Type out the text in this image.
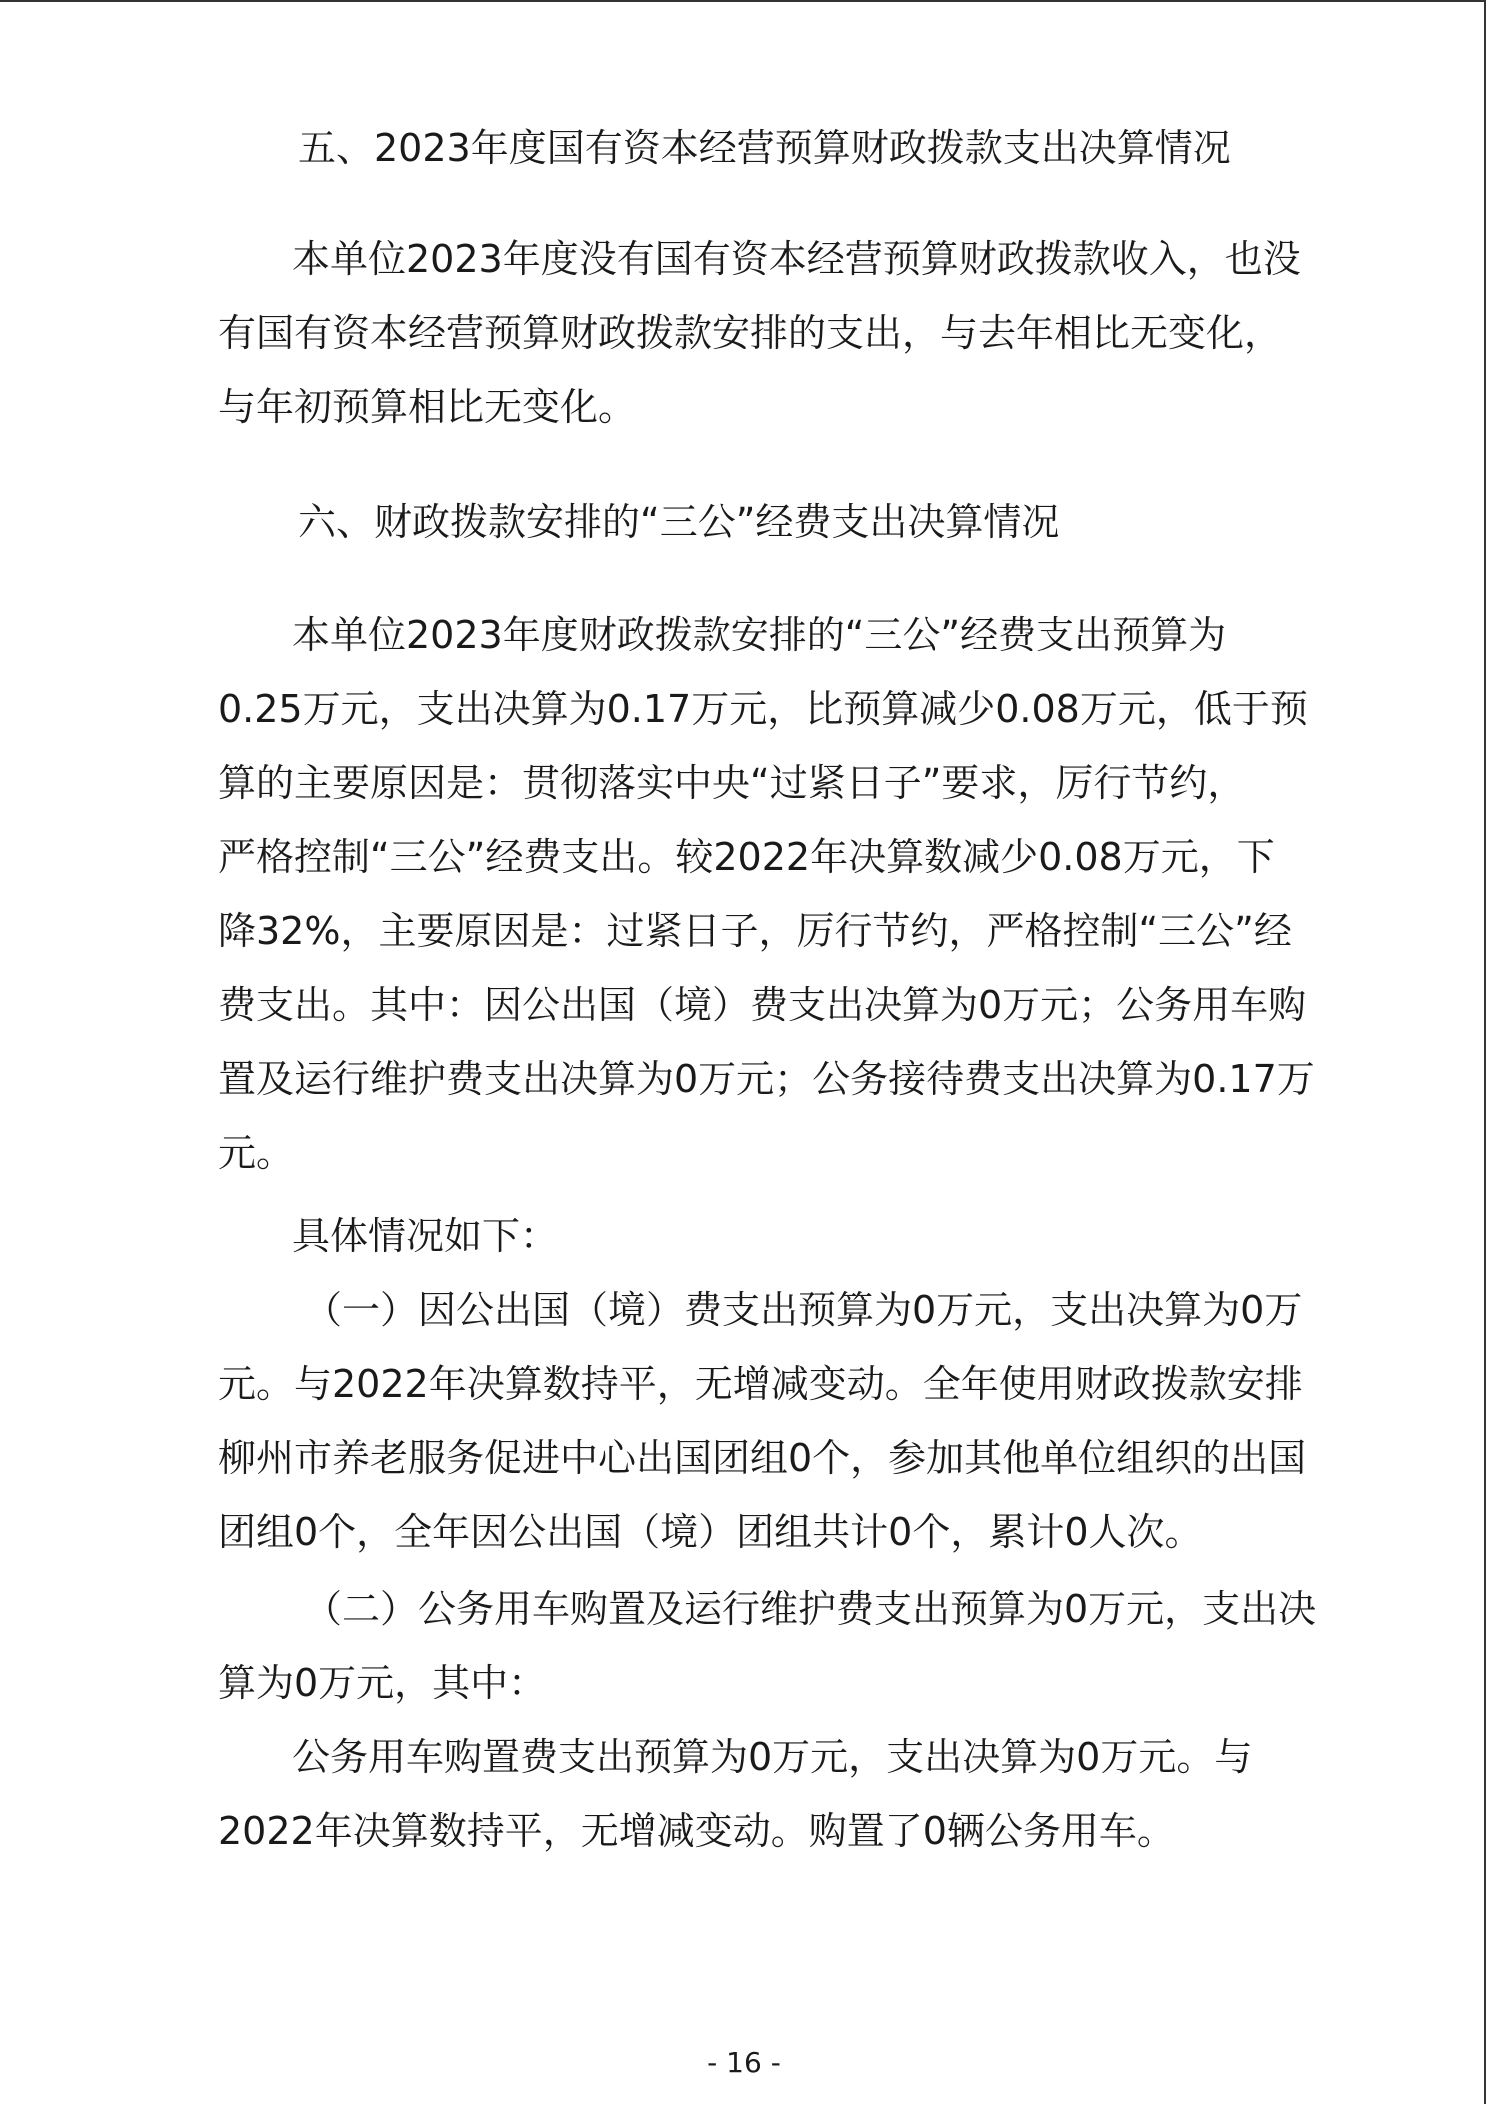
五、2023年度国有资本经营预算财政拨款支出决算情况
本单位2023年度没有国有资本经营预算财政拨款收入，也没
有国有资本经营预算财政拨款安排的支出，与去年相比无变化，
与年初预算相比无变化。
六、财政拨款安排的“三公”经费支出决算情况
本单位2023年度财政拨款安排的“三公”经费支出预算为
0.25万元，支出决算为0.17万元，比预算减少0.08万元，低于预
算的主要原因是：贯彻落实中央“过紧日子”要求，厉行节约，
严格控制“三公”经费支出。较2022年决算数减少0.08万元，下
降32%，主要原因是：过紧日子，厉行节约，严格控制“三公”经
费支出。其中：因公出国（境）费支出决算为0万元；公务用车购
置及运行维护费支出决算为0万元；公务接待费支出决算为0.17万
元。
具体情况如下：
（一）因公出国（境）费支出预算为0万元，支出决算为0万
元。与2022年决算数持平，无增减变动。全年使用财政拨款安排
柳州市养老服务促进中心出国团组0个，参加其他单位组织的出国
团组0个，全年因公出国（境）团组共计0个，累计0人次。
（二）公务用车购置及运行维护费支出预算为0万元，支出决
算为0万元，其中：
公务用车购置费支出预算为0万元，支出决算为0万元。与
2022年决算数持平，无增减变动。购置了0辆公务用车。
- 16 -
